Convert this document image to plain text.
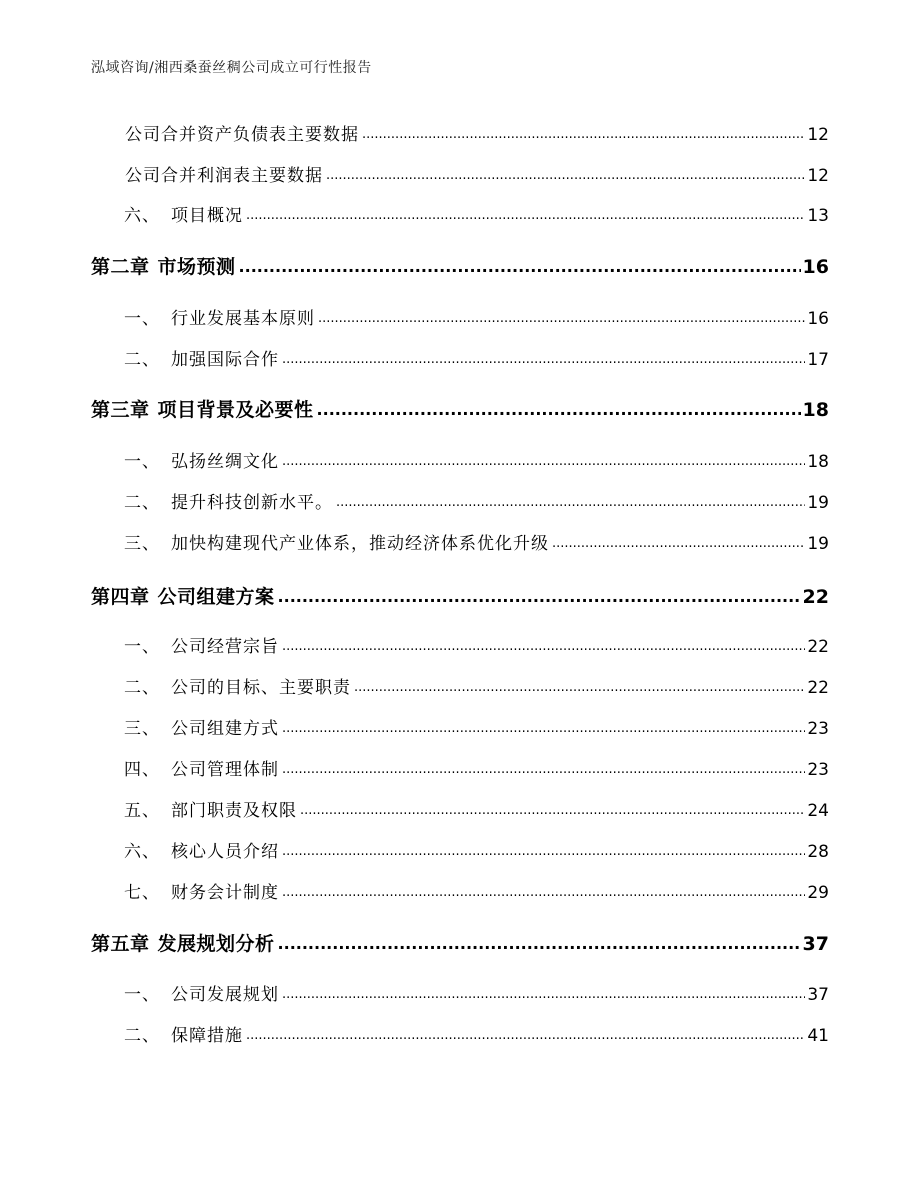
泓域咨询/湘西桑蚕丝稠公司成立可行性报告
公司合并资产负债表主要数据 .....	12
公司合并利润表主要数据 .....	12
六、 项目概况 .....	13
第二章 市场预测 .....	16
一、 行业发展基本原则 .....	16
二、 加强国际合作 .....	17
第三章 项目背景及必要性 .....	18
一、 弘扬丝绸文化 .....	18
二、 提升科技创新水平。 .....	19
三、 加快构建现代产业体系，推动经济体系优化升级 .....	19
第四章 公司组建方案 .....	22
一、 公司经营宗旨 .....	22
二、 公司的目标、主要职责 .....	22
三、 公司组建方式 .....	23
四、 公司管理体制 .....	23
五、 部门职责及权限 .....	24
六、 核心人员介绍 .....	28
七、 财务会计制度 .....	29
第五章 发展规划分析 .....	37
一、 公司发展规划 .....	37
二、 保障措施 .....	41
